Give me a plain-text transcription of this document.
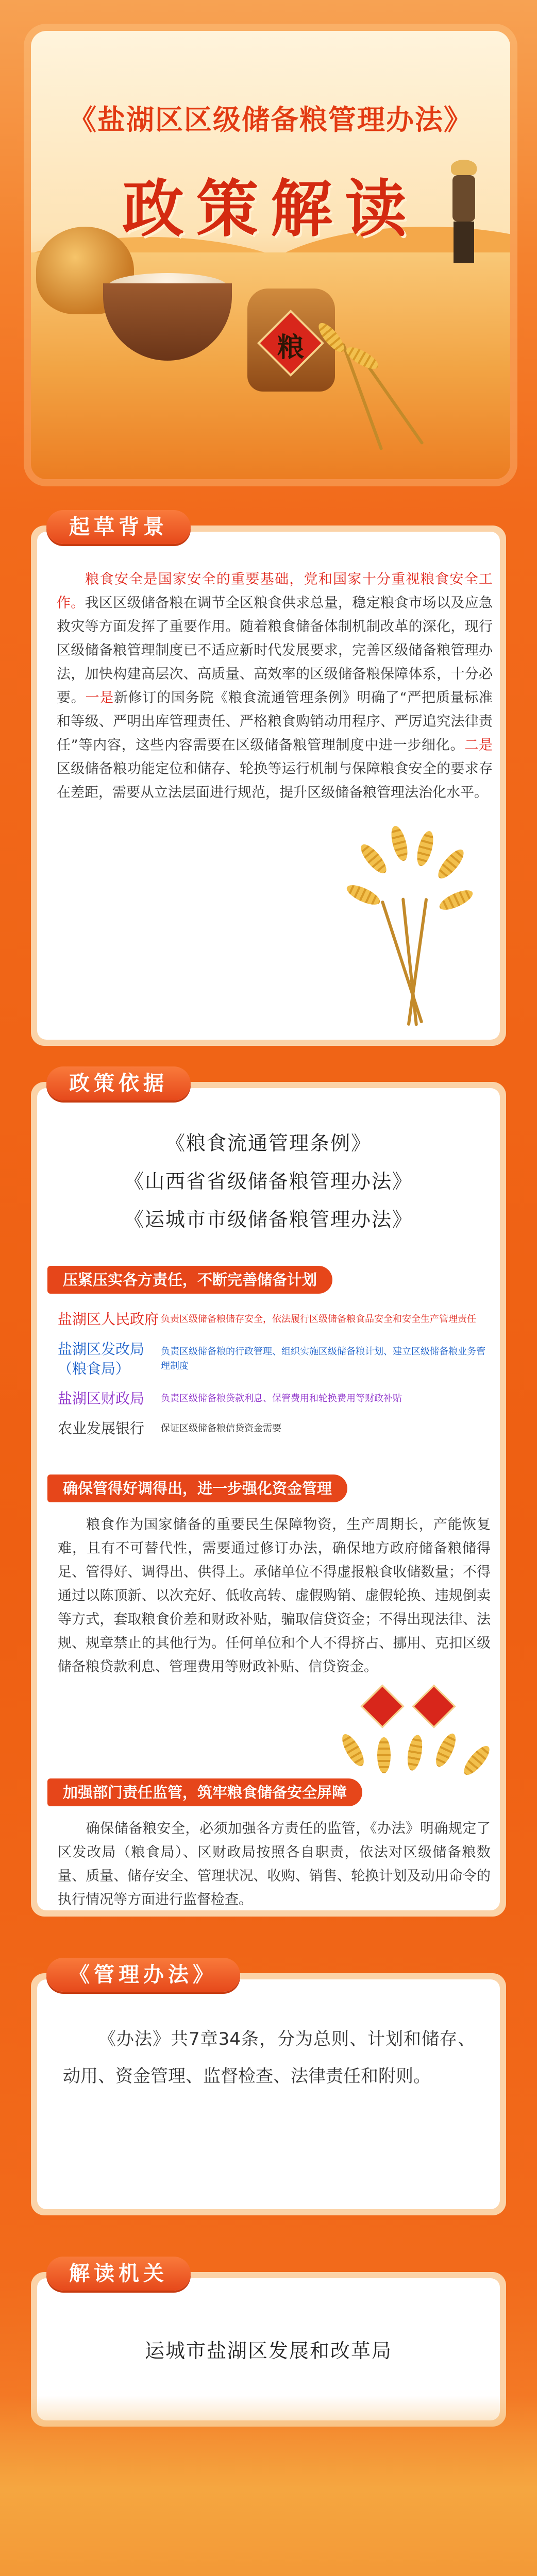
《盐湖区区级储备粮管理办法》
政策解读
粮
起草背景

粮食安全是国家安全的重要基础，党和国家十分重视粮食安全工作。我区区级储备粮在调节全区粮食供求总量，稳定粮食市场以及应急救灾等方面发挥了重要作用。随着粮食储备体制机制改革的深化，现行区级储备粮管理制度已不适应新时代发展要求，完善区级储备粮管理办法，加快构建高层次、高质量、高效率的区级储备粮保障体系，十分必要。一是新修订的国务院《粮食流通管理条例》明确了“严把质量标准和等级、严明出库管理责任、严格粮食购销动用程序、严厉追究法律责任”等内容，这些内容需要在区级储备粮管理制度中进一步细化。二是区级储备粮功能定位和储存、轮换等运行机制与保障粮食安全的要求存在差距，需要从立法层面进行规范，提升区级储备粮管理法治化水平。

政策依据

《粮食流通管理条例》

《山西省省级储备粮管理办法》

《运城市市级储备粮管理办法》

压紧压实各方责任，不断完善储备计划
盐湖区人民政府 负责区级储备粮储存安全，依法履行区级储备粮食品安全和安全生产管理责任
盐湖区发改局
（粮食局）
负责区级储备粮的行政管理、组织实施区级储备粮计划、建立区级储备粮业务管理制度
盐湖区财政局	负责区级储备粮贷款利息、保管费用和轮换费用等财政补贴
农业发展银行	保证区级储备粮信贷资金需要
确保管得好调得出，进一步强化资金管理

粮食作为国家储备的重要民生保障物资，生产周期长，产能恢复难，且有不可替代性，需要通过修订办法，确保地方政府储备粮储得足、管得好、调得出、供得上。承储单位不得虚报粮食收储数量；不得通过以陈顶新、以次充好、低收高转、虚假购销、虚假轮换、违规倒卖等方式，套取粮食价差和财政补贴，骗取信贷资金；不得出现法律、法规、规章禁止的其他行为。任何单位和个人不得挤占、挪用、克扣区级储备粮贷款利息、管理费用等财政补贴、信贷资金。

加强部门责任监管，筑牢粮食储备安全屏障

确保储备粮安全，必须加强各方责任的监管，《办法》明确规定了区发改局（粮食局）、区财政局按照各自职责，依法对区级储备粮数量、质量、储存安全、管理状况、收购、销售、轮换计划及动用命令的执行情况等方面进行监督检查。

《管理办法》

《办法》共7章34条，分为总则、计划和储存、动用、资金管理、监督检查、法律责任和附则。

解读机关
运城市盐湖区发展和改革局
